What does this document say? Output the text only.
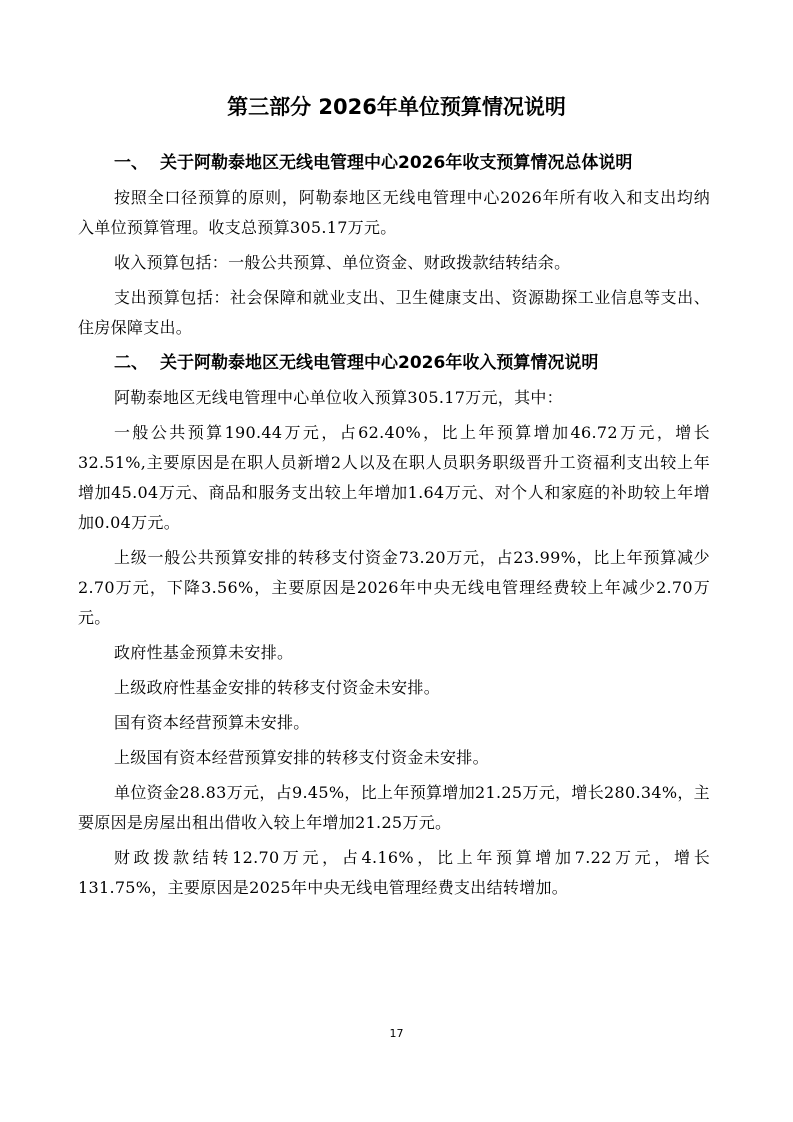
第三部分 2026年单位预算情况说明
一、 关于阿勒泰地区无线电管理中心2026年收支预算情况总体说明

按照全口径预算的原则，阿勒泰地区无线电管理中心2026年所有收入和支出均纳入单位预算管理。收支总预算305.17万元。

收入预算包括：一般公共预算、单位资金、财政拨款结转结余。

支出预算包括：社会保障和就业支出、卫生健康支出、资源勘探工业信息等支出、住房保障支出。

二、 关于阿勒泰地区无线电管理中心2026年收入预算情况说明

阿勒泰地区无线电管理中心单位收入预算305.17万元，其中：

一般公共预算190.44万元，占62.40%，比上年预算增加46.72万元，增长32.51%,主要原因是在职人员新增2人以及在职人员职务职级晋升工资福利支出较上年增加45.04万元、商品和服务支出较上年增加1.64万元、对个人和家庭的补助较上年增加0.04万元。

上级一般公共预算安排的转移支付资金73.20万元，占23.99%，比上年预算减少2.70万元，下降3.56%，主要原因是2026年中央无线电管理经费较上年减少2.70万元。

政府性基金预算未安排。

上级政府性基金安排的转移支付资金未安排。

国有资本经营预算未安排。

上级国有资本经营预算安排的转移支付资金未安排。

单位资金28.83万元，占9.45%，比上年预算增加21.25万元，增长280.34%，主要原因是房屋出租出借收入较上年增加21.25万元。

财政拨款结转12.70万元，占4.16%，比上年预算增加7.22万元，增长131.75%，主要原因是2025年中央无线电管理经费支出结转增加。

17
